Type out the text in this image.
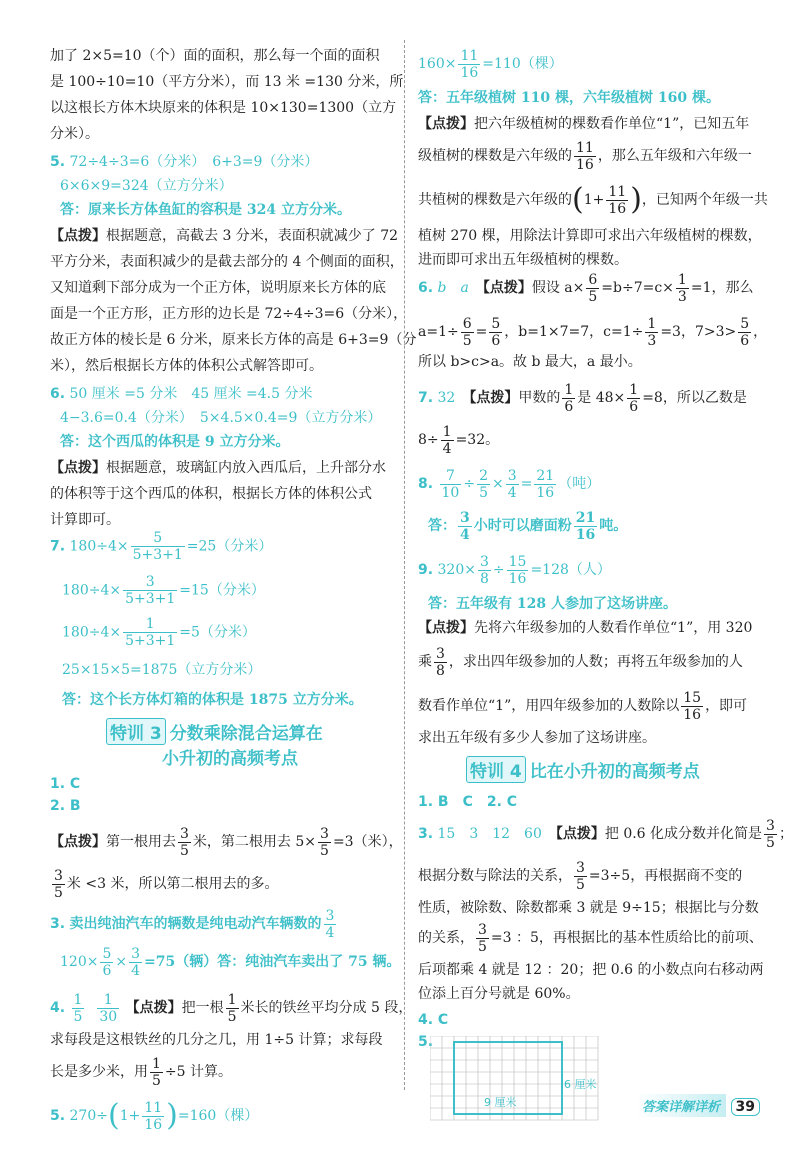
加了 2×5=10（个）面的面积，那么每一个面的面积
是 100÷10=10（平方分米），而 13 米 =130 分米，所
以这根长方体木块原来的体积是 10×130=1300（立方
分米）。
5. 72÷4÷3=6（分米）　6+3=9（分米）
6×6×9=324（立方分米）
答：原来长方体鱼缸的容积是 324 立方分米。
【点拨】根据题意，高截去 3 分米，表面积就减少了 72
平方分米，表面积减少的是截去部分的 4 个侧面的面积，
又知道剩下部分成为一个正方体，说明原来长方体的底
面是一个正方形，正方形的边长是 72÷4÷3=6（分米），
故正方体的棱长是 6 分米，原来长方体的高是 6+3=9（分
米），然后根据长方体的体积公式解答即可。
6. 50 厘米 =5 分米　45 厘米 =4.5 分米
4−3.6=0.4（分米）　5×4.5×0.4=9（立方分米）
答：这个西瓜的体积是 9 立方分米。
【点拨】根据题意，玻璃缸内放入西瓜后，上升部分水
的体积等于这个西瓜的体积，根据长方体的体积公式
计算即可。
7. $180\div 4\times \frac{5}{5+3+1} =25$（分米）
$180\div 4\times \frac{3}{5+3+1} =15$（分米）
$180\div 4\times \frac{1}{5+3+1} =5$（分米）
25×15×5=1875（立方分米）
答：这个长方体灯箱的体积是 1875 立方分米。
特训 3 分数乘除混合运算在
小升初的高频考点
1. C
2. B
【点拨】第一根用去 $\frac{3}{5}$ 米，第二根用去 $5\times \frac{3}{5} =3$（米），
$\frac{3}{5}$ 米 <3 米，所以第二根用去的多。
3. 卖出纯油汽车的辆数是纯电动汽车辆数的 $\frac{3}{4}$
$120\times \frac{5}{6} \times \frac{3}{4} =75$（辆）答：纯油汽车卖出了 75 辆。
4. $\frac{1}{5}$
$\frac{1}{30}$ 【点拨】把一根 $\frac{1}{5}$ 米长的铁丝平均分成 5 段，
求每段是这根铁丝的几分之几，用 1÷5 计算；求每段
长是多少米，用 $\frac{1}{5} \div 5$ 计算。
5. $270\div(1+ \frac{11}{16} )=160$（棵）
$160\times \frac{11}{16} =110$（棵）
答：五年级植树 110 棵，六年级植树 160 棵。
【点拨】把六年级植树的棵数看作单位“1”，已知五年
级植树的棵数是六年级的 $\frac{11}{16}$ ，那么五年级和六年级一
共植树的棵数是六年级的($1+ \frac{11}{16}$ )，已知两个年级一共
植树 270 棵，用除法计算即可求出六年级植树的棵数，
进而即可求出五年级植树的棵数。
6. b　a　 【点拨】假设 $a\times \frac{6}{5} =b\div 7=c\times \frac{1}{3} =1$，那么
$a=1\div \frac{6}{5} = \frac{5}{6}$ ，b=1×7=7，$c=1\div \frac{1}{3} =3$，$7>3> \frac{5}{6}$ ，
所以 b>c>a。故 b 最大，a 最小。
7. 32　 【点拨】甲数的 $\frac{1}{6}$ 是 $48\times \frac{1}{6} =8$，所以乙数是
$8\div \frac{1}{4} =32$。
8. $\frac{7}{10} \div \frac{2}{5} \times \frac{3}{4} = \frac{21}{16}$ （吨）
答： $\frac{3}{4}$ 小时可以磨面粉 $\frac{21}{16}$ 吨。
9. $320\times \frac{3}{8} \div \frac{15}{16} =128$（人）
答：五年级有 128 人参加了这场讲座。
【点拨】先将六年级参加的人数看作单位“1”，用 320
乘 $\frac{3}{8}$ ，求出四年级参加的人数；再将五年级参加的人
数看作单位“1”，用四年级参加的人数除以 $\frac{15}{16}$ ，即可
求出五年级有多少人参加了这场讲座。
特训 4 比在小升初的高频考点
1. B　C　2. C
3. 15　3　12　60　 【点拨】把 0.6 化成分数并化简是 $\frac{3}{5}$ ；
根据分数与除法的关系， $\frac{3}{5} =3\div 5$，再根据商不变的
性质，被除数、除数都乘 3 就是 9÷15；根据比与分数
的关系， $\frac{3}{5} =3$ ：5，再根据比的基本性质给比的前项、
后项都乘 4 就是 12 ：20；把 0.6 的小数点向右移动两
位添上百分号就是 60%。
4. C
5.
9 厘米
6 厘米
答案详解详析 39
